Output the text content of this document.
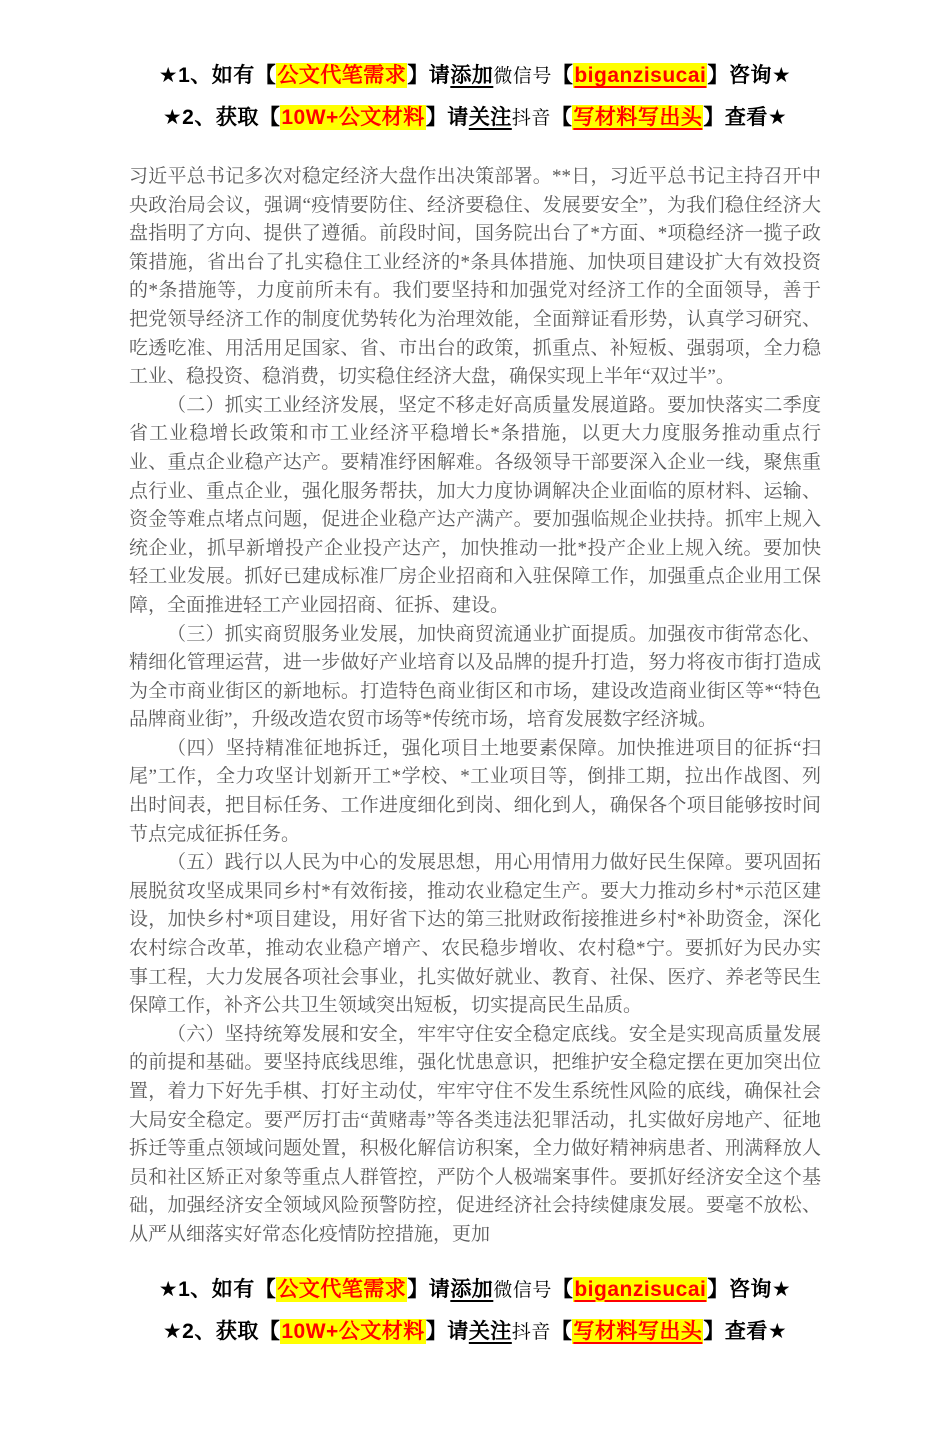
★1、如有【公文代笔需求】请添加微信号【biganzisucai】咨询★

★2、获取【10W+公文材料】请关注抖音【写材料写出头】查看★

习近平总书记多次对稳定经济大盘作出决策部署。**日，习近平总书记主持召开中央政治局会议，强调“疫情要防住、经济要稳住、发展要安全”，为我们稳住经济大盘指明了方向、提供了遵循。前段时间，国务院出台了*方面、*项稳经济一揽子政策措施，省出台了扎实稳住工业经济的*条具体措施、加快项目建设扩大有效投资的*条措施等，力度前所未有。我们要坚持和加强党对经济工作的全面领导，善于把党领导经济工作的制度优势转化为治理效能，全面辩证看形势，认真学习研究、吃透吃准、用活用足国家、省、市出台的政策，抓重点、补短板、强弱项，全力稳工业、稳投资、稳消费，切实稳住经济大盘，确保实现上半年“双过半”。

（二）抓实工业经济发展，坚定不移走好高质量发展道路。要加快落实二季度省工业稳增长政策和市工业经济平稳增长*条措施，以更大力度服务推动重点行业、重点企业稳产达产。要精准纾困解难。各级领导干部要深入企业一线，聚焦重点行业、重点企业，强化服务帮扶，加大力度协调解决企业面临的原材料、运输、资金等难点堵点问题，促进企业稳产达产满产。要加强临规企业扶持。抓牢上规入统企业，抓早新增投产企业投产达产，加快推动一批*投产企业上规入统。要加快轻工业发展。抓好已建成标准厂房企业招商和入驻保障工作，加强重点企业用工保障，全面推进轻工产业园招商、征拆、建设。

（三）抓实商贸服务业发展，加快商贸流通业扩面提质。加强夜市街常态化、精细化管理运营，进一步做好产业培育以及品牌的提升打造，努力将夜市街打造成为全市商业街区的新地标。打造特色商业街区和市场，建设改造商业街区等*“特色品牌商业街”，升级改造农贸市场等*传统市场，培育发展数字经济城。

（四）坚持精准征地拆迁，强化项目土地要素保障。加快推进项目的征拆“扫尾”工作，全力攻坚计划新开工*学校、*工业项目等，倒排工期，拉出作战图、列出时间表，把目标任务、工作进度细化到岗、细化到人，确保各个项目能够按时间节点完成征拆任务。

（五）践行以人民为中心的发展思想，用心用情用力做好民生保障。要巩固拓展脱贫攻坚成果同乡村*有效衔接，推动农业稳定生产。要大力推动乡村*示范区建设，加快乡村*项目建设，用好省下达的第三批财政衔接推进乡村*补助资金，深化农村综合改革，推动农业稳产增产、农民稳步增收、农村稳*宁。要抓好为民办实事工程，大力发展各项社会事业，扎实做好就业、教育、社保、医疗、养老等民生保障工作，补齐公共卫生领域突出短板，切实提高民生品质。

（六）坚持统筹发展和安全，牢牢守住安全稳定底线。安全是实现高质量发展的前提和基础。要坚持底线思维，强化忧患意识，把维护安全稳定摆在更加突出位置，着力下好先手棋、打好主动仗，牢牢守住不发生系统性风险的底线，确保社会大局安全稳定。要严厉打击“黄赌毒”等各类违法犯罪活动，扎实做好房地产、征地拆迁等重点领域问题处置，积极化解信访积案，全力做好精神病患者、刑满释放人员和社区矫正对象等重点人群管控，严防个人极端案事件。要抓好经济安全这个基础，加强经济安全领域风险预警防控，促进经济社会持续健康发展。要毫不放松、从严从细落实好常态化疫情防控措施，更加

★1、如有【公文代笔需求】请添加微信号【biganzisucai】咨询★

★2、获取【10W+公文材料】请关注抖音【写材料写出头】查看★
